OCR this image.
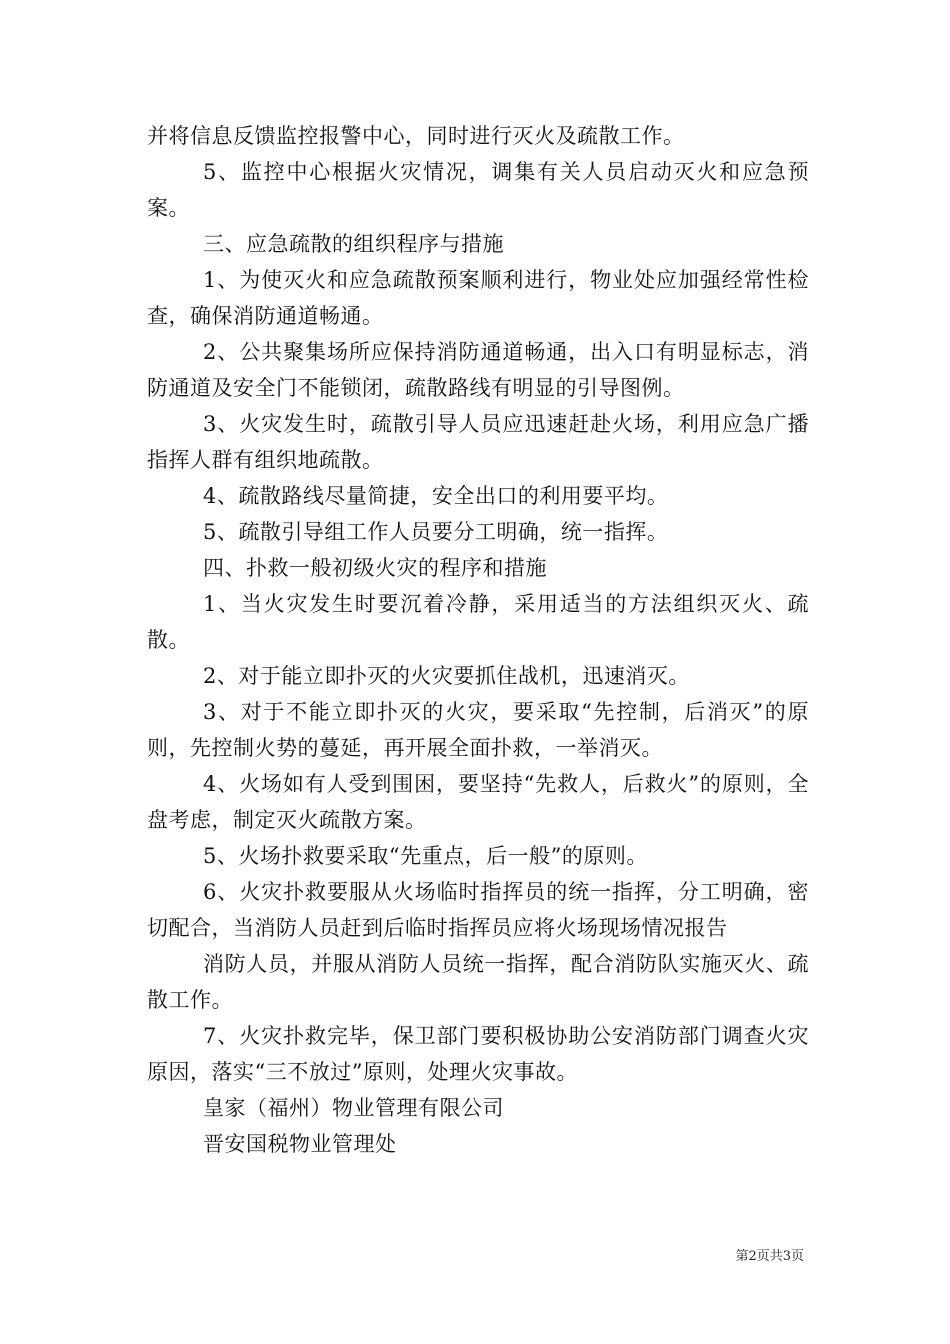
并将信息反馈监控报警中心，同时进行灭火及疏散工作。

5、监控中心根据火灾情况，调集有关人员启动灭火和应急预案。

三、应急疏散的组织程序与措施

1、为使灭火和应急疏散预案顺利进行，物业处应加强经常性检查，确保消防通道畅通。

2、公共聚集场所应保持消防通道畅通，出入口有明显标志，消防通道及安全门不能锁闭，疏散路线有明显的引导图例。

3、火灾发生时，疏散引导人员应迅速赶赴火场，利用应急广播指挥人群有组织地疏散。

4、疏散路线尽量简捷，安全出口的利用要平均。

5、疏散引导组工作人员要分工明确，统一指挥。

四、扑救一般初级火灾的程序和措施

1、当火灾发生时要沉着冷静，采用适当的方法组织灭火、疏散。

2、对于能立即扑灭的火灾要抓住战机，迅速消灭。

3、对于不能立即扑灭的火灾，要采取“先控制，后消灭”的原则，先控制火势的蔓延，再开展全面扑救，一举消灭。

4、火场如有人受到围困，要坚持“先救人，后救火”的原则，全盘考虑，制定灭火疏散方案。

5、火场扑救要采取“先重点，后一般”的原则。

6、火灾扑救要服从火场临时指挥员的统一指挥，分工明确，密切配合，当消防人员赶到后临时指挥员应将火场现场情况报告

消防人员，并服从消防人员统一指挥，配合消防队实施灭火、疏散工作。

7、火灾扑救完毕，保卫部门要积极协助公安消防部门调查火灾原因，落实“三不放过”原则，处理火灾事故。

皇家（福州）物业管理有限公司

晋安国税物业管理处

第2页共3页
